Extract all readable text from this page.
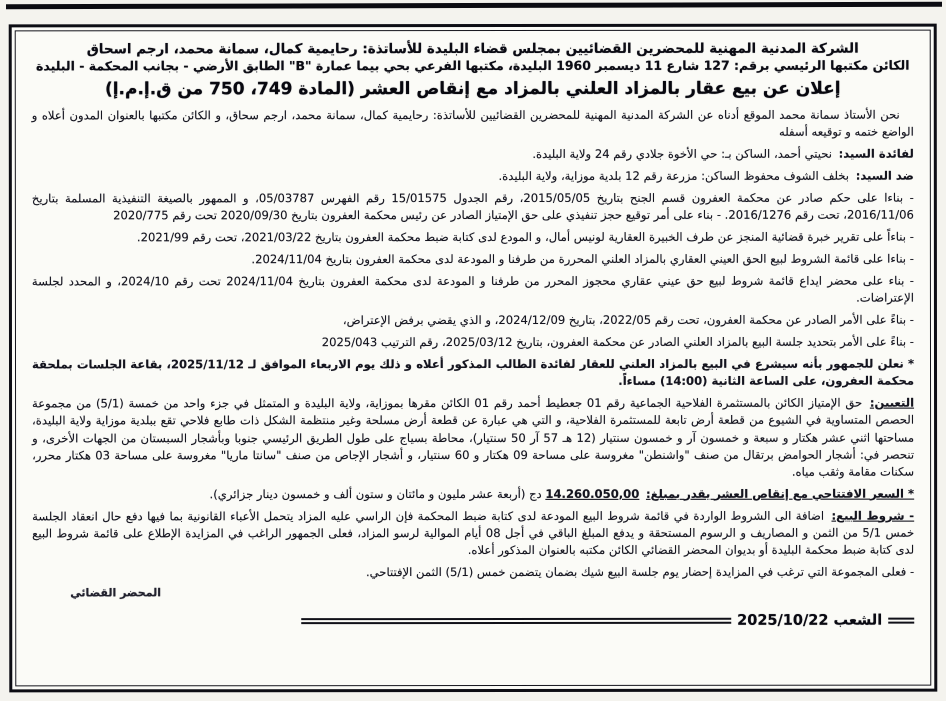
الشركة المدنية المهنية للمحضرين القضائيين بمجلس قضاء البليدة للأساتذة: رحايمية كمال، سمانة محمد، ارجم اسحاق
الكائن مكتبها الرئيسي برقم: 127 شارع 11 ديسمبر 1960 البليدة، مكتبها الفرعي بحي بيما عمارة "B" الطابق الأرضي - بجانب المحكمة - البليدة
إعلان عن بيع عقار بالمزاد العلني بالمزاد مع إنقاص العشر (المادة 749، 750 من ق.إ.م.إ)

نحن الأستاذ سمانة محمد الموقع أدناه عن الشركة المدنية المهنية للمحضرين القضائيين للأساتذة: رحايمية كمال، سمانة محمد، ارجم سحاق، و الكائن مكتبها بالعنوان المدون أعلاه و الواضع ختمه و توقيعه أسفله

لفائدة السيد: نحيتي أحمد، الساكن بـ: حي الأخوة جلادي رقم 24 ولاية البليدة.

ضد السيد: بخلف الشوف محفوظ الساكن: مزرعة رقم 12 بلدية موزاية، ولاية البليدة.

- بناءا على حكم صادر عن محكمة العفرون قسم الجنح بتاريخ 2015/05/05، رقم الجدول 15/01575 رقم الفهرس 05/03787، و الممهور بالصيغة التنفيذية المسلمة بتاريخ 2016/11/06، تحت رقم 2016/1276. - بناء على أمر توقيع حجز تنفيذي على حق الإمتياز الصادر عن رئيس محكمة العفرون بتاريخ 2020/09/30 تحت رقم 2020/775

- بناءاً على تقرير خبرة قضائية المنجز عن طرف الخبيرة العقارية لونيس أمال، و المودع لدى كتابة ضبط محكمة العفرون بتاريخ 2021/03/22، تحت رقم 2021/99.

- بناءا على قائمة الشروط لبيع الحق العيني العقاري بالمزاد العلني المحررة من طرفنا و المودعة لدى محكمة العفرون بتاريخ 2024/11/04.

- بناء على محضر ايداع قائمة شروط لبيع حق عيني عقاري محجوز المحرر من طرفنا و المودعة لدى محكمة العفرون بتاريخ 2024/11/04 تحت رقم 2024/10، و المحدد لجلسة الإعتراضات.

- بناءً على الأمر الصادر عن محكمة العفرون، تحت رقم 2022/05، بتاريخ 2024/12/09، و الذي يقضي برفض الإعتراض،

- بناءً على الأمر بتحديد جلسة البيع بالمزاد العلني الصادر عن محكمة العفرون، بتاريخ 2025/03/12، رقم الترتيب 2025/043

* نعلن للجمهور بأنه سيشرع في البيع بالمزاد العلني للعقار لفائدة الطالب المذكور أعلاه و ذلك يوم الاربعاء الموافق لـ 2025/11/12، بقاعة الجلسات بملحقة محكمة العفرون، على الساعة الثانية (14:00) مساءاً.

التعيين: حق الإمتياز الكائن بالمستثمرة الفلاحية الجماعية رقم 01 جعطيط أحمد رقم 01 الكائن مقرها بموزاية، ولاية البليدة و المتمثل في جزء واحد من خمسة (5/1) من مجموعة الحصص المتساوية في الشيوع من قطعة أرض تابعة للمستثمرة الفلاحية، و التي هي عبارة عن قطعة أرض مسلحة وغير منتظمة الشكل ذات طابع فلاحي تقع ببلدية موزاية ولاية البليدة، مساحتها اثني عشر هكتار و سبعة و خمسون آر و خمسون سنتيار (12 هـ 57 آر 50 سنتيار)، محاطة بسياج على طول الطريق الرئيسي جنوبا وبأشجار السبستان من الجهات الأخرى، و تنحصر في: أشجار الحوامض برتقال من صنف "واشنطن" مغروسة على مساحة 09 هكتار و 60 سنتيار، و أشجار الإجاص من صنف "سانتا ماريا" مغروسة على مساحة 03 هكتار محرر، سكنات مقامة وثقب مياه.

* السعر الافتتاحي مع إنقاص العشر يقدر بمبلغ: 14.260.050,00 دج (أربعة عشر مليون و مائتان و ستون ألف و خمسون دينار جزائري).

- شروط البيع: اضافة الى الشروط الواردة في قائمة شروط البيع المودعة لدى كتابة ضبط المحكمة فإن الراسي عليه المزاد يتحمل الأعباء القانونية بما فيها دفع حال انعقاد الجلسة خمس 5/1 من الثمن و المصاريف و الرسوم المستحقة و يدفع المبلغ الباقي في أجل 08 أيام الموالية لرسو المزاد، فعلى الجمهور الراغب في المزايدة الإطلاع على قائمة شروط البيع لدى كتابة ضبط محكمة البليدة أو بديوان المحضر القضائي الكائن مكتبه بالعنوان المذكور أعلاه.

- فعلى المجموعة التي ترغب في المزايدة إحضار يوم جلسة البيع شيك بضمان يتضمن خمس (5/1) الثمن الإفتتاحي.

المحضر القضائي
الشعب 2025/10/22
